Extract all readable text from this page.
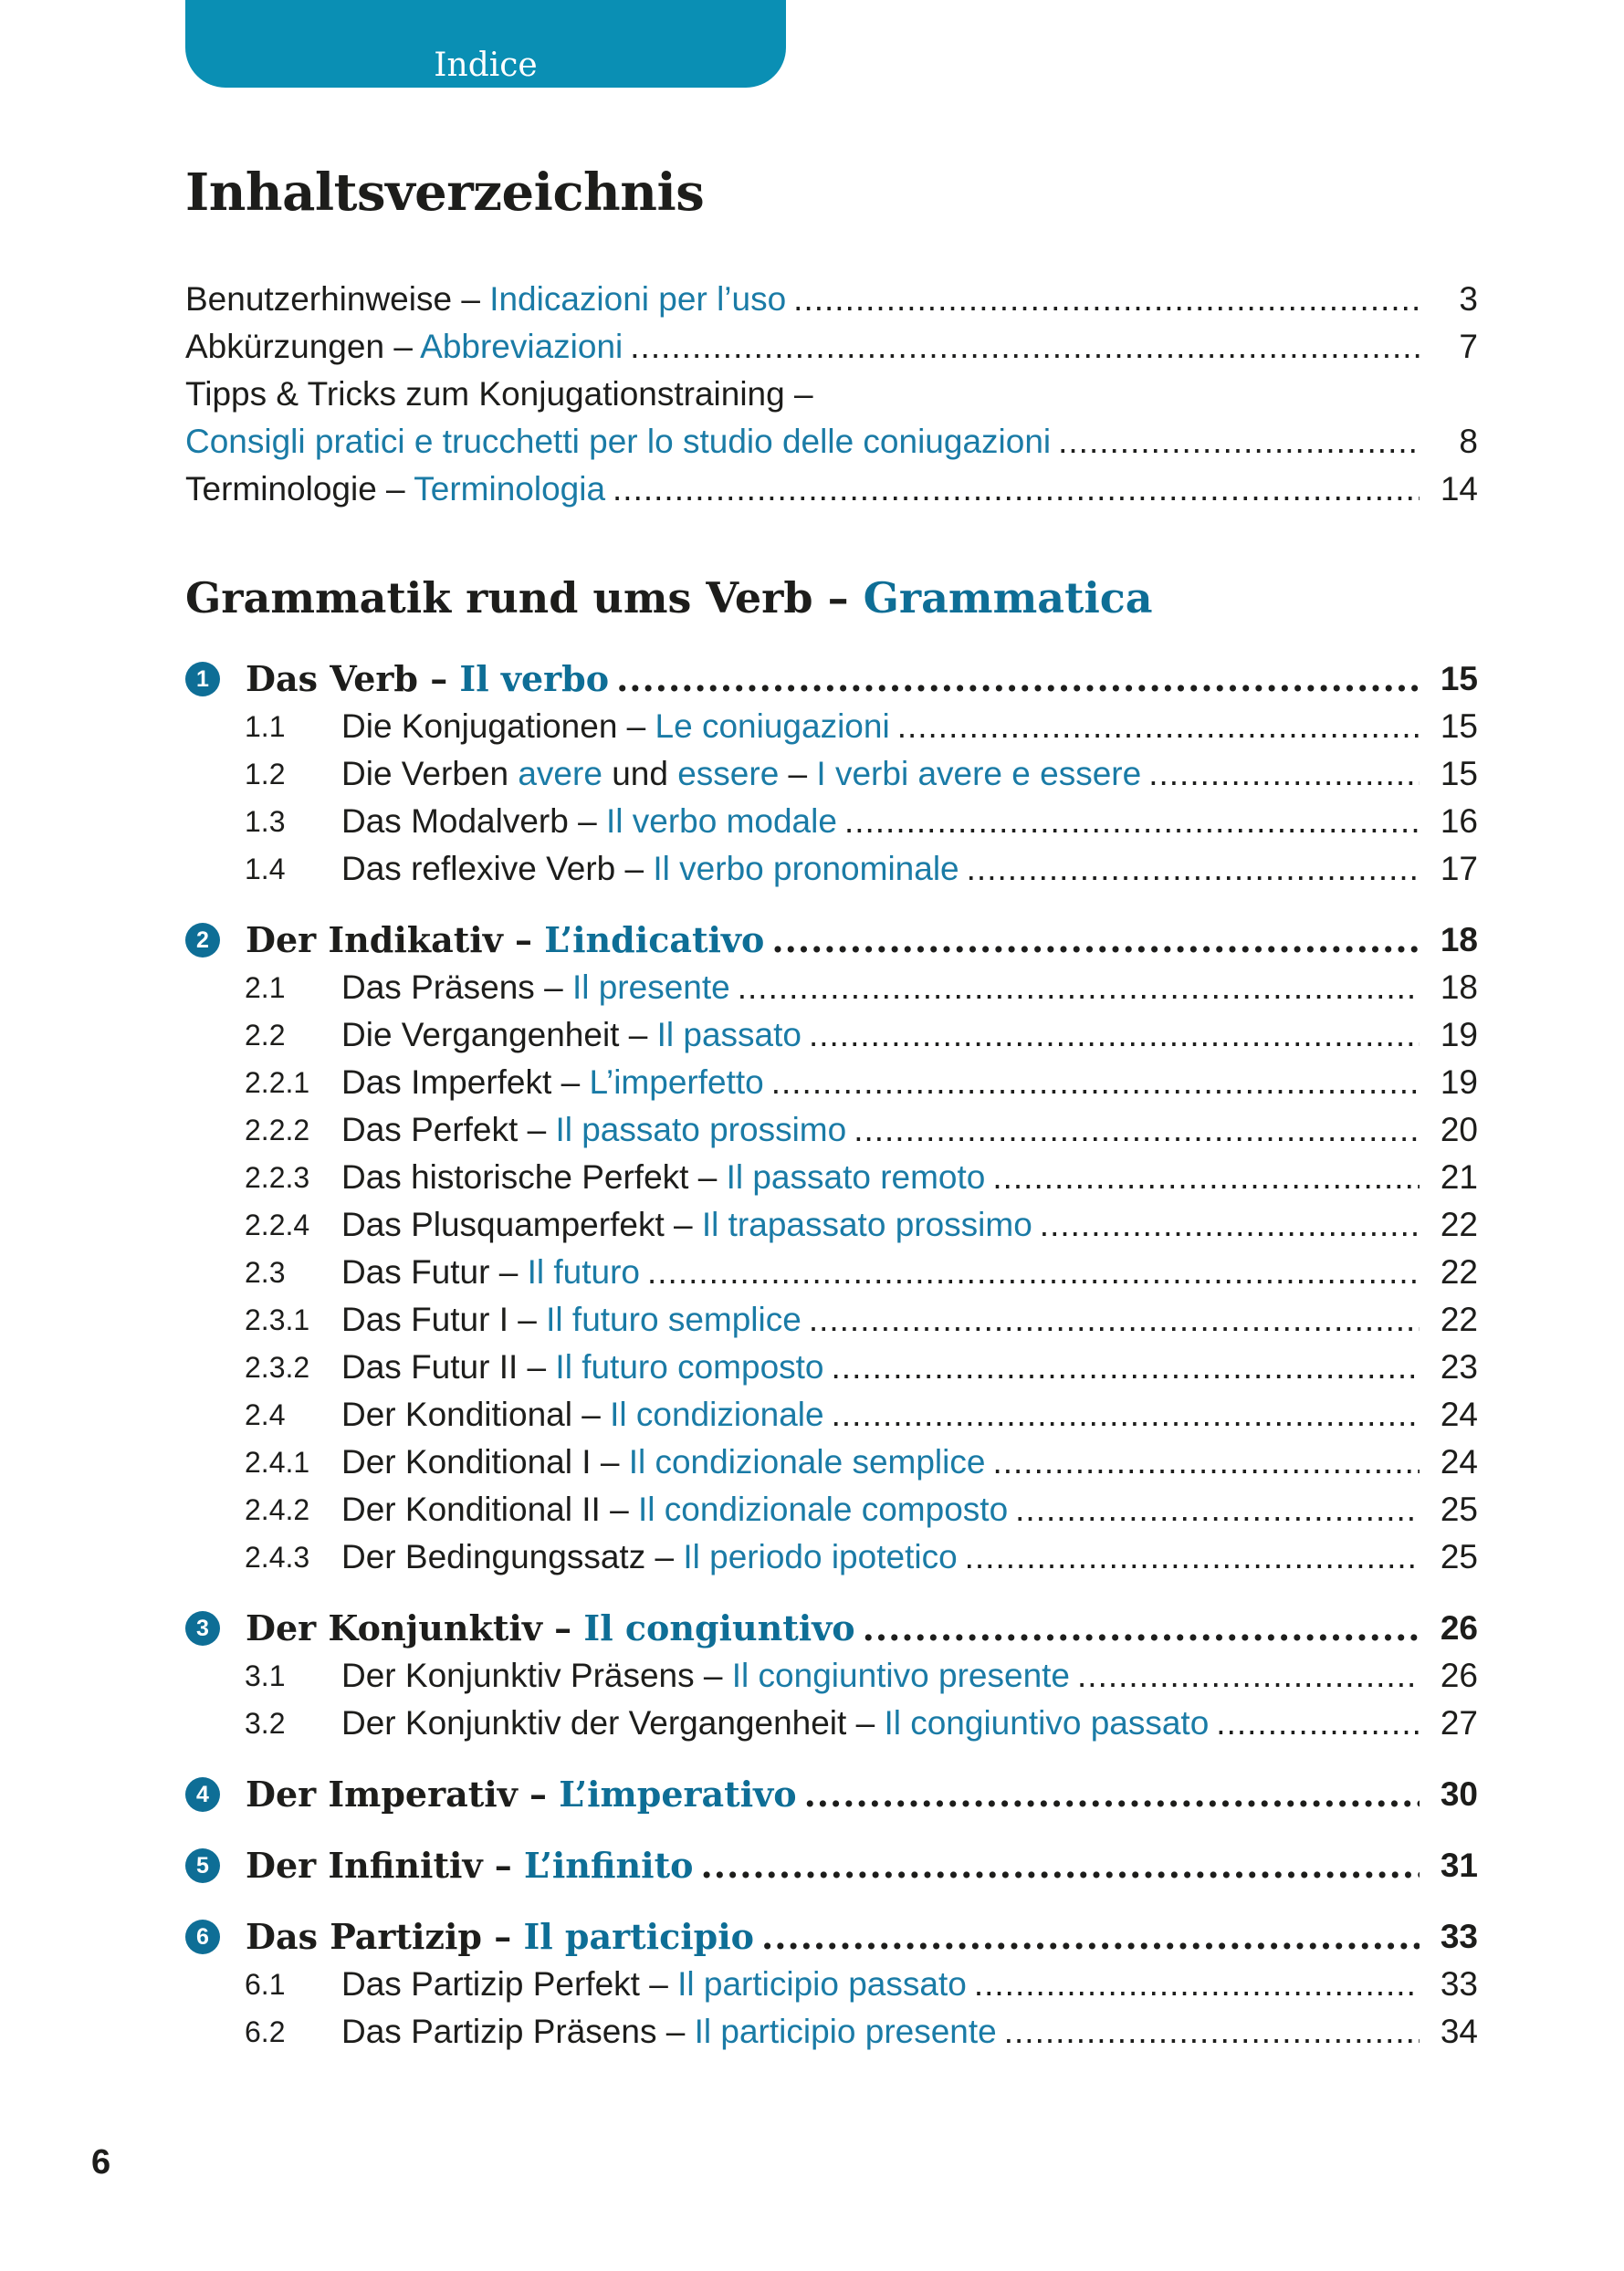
Indice
Inhaltsverzeichnis
Benutzerhinweise – Indicazioni per l’uso .....	3
Abkürzungen – Abbreviazioni .....	7
Tipps & Tricks zum Konjugationstraining –
Consigli pratici e trucchetti per lo studio delle coniugazioni .....	8
Terminologie – Terminologia .....	14
Grammatik rund ums Verb – Grammatica
1	Das Verb – Il verbo .....	15
1.1	Die Konjugationen – Le coniugazioni .....	15
1.2	Die Verben avere und essere – I verbi avere e essere .....	15
1.3	Das Modalverb – Il verbo modale .....	16
1.4	Das reflexive Verb – Il verbo pronominale .....	17
2	Der Indikativ – L’indicativo .....	18
2.1	Das Präsens – Il presente .....	18
2.2	Die Vergangenheit – Il passato .....	19
2.2.1 Das Imperfekt – L’imperfetto .....	19
2.2.2 Das Perfekt – Il passato prossimo .....	20
2.2.3 Das historische Perfekt – Il passato remoto .....	21
2.2.4 Das Plusquamperfekt – Il trapassato prossimo .....	22
2.3	Das Futur – Il futuro .....	22
2.3.1 Das Futur I – Il futuro semplice .....	22
2.3.2 Das Futur II – Il futuro composto .....	23
2.4	Der Konditional – Il condizionale .....	24
2.4.1 Der Konditional I – Il condizionale semplice .....	24
2.4.2 Der Konditional II – Il condizionale composto .....	25
2.4.3 Der Bedingungssatz – Il periodo ipotetico .....	25
3	Der Konjunktiv – Il congiuntivo .....	26
3.1	Der Konjunktiv Präsens – Il congiuntivo presente .....	26
3.2	Der Konjunktiv der Vergangenheit – Il congiuntivo passato .....	27
4	Der Imperativ – L’imperativo .....	30
5	Der Infinitiv – L’infinito .....	31
6	Das Partizip – Il participio .....	33
6.1	Das Partizip Perfekt – Il participio passato .....	33
6.2	Das Partizip Präsens – Il participio presente .....	34
6
